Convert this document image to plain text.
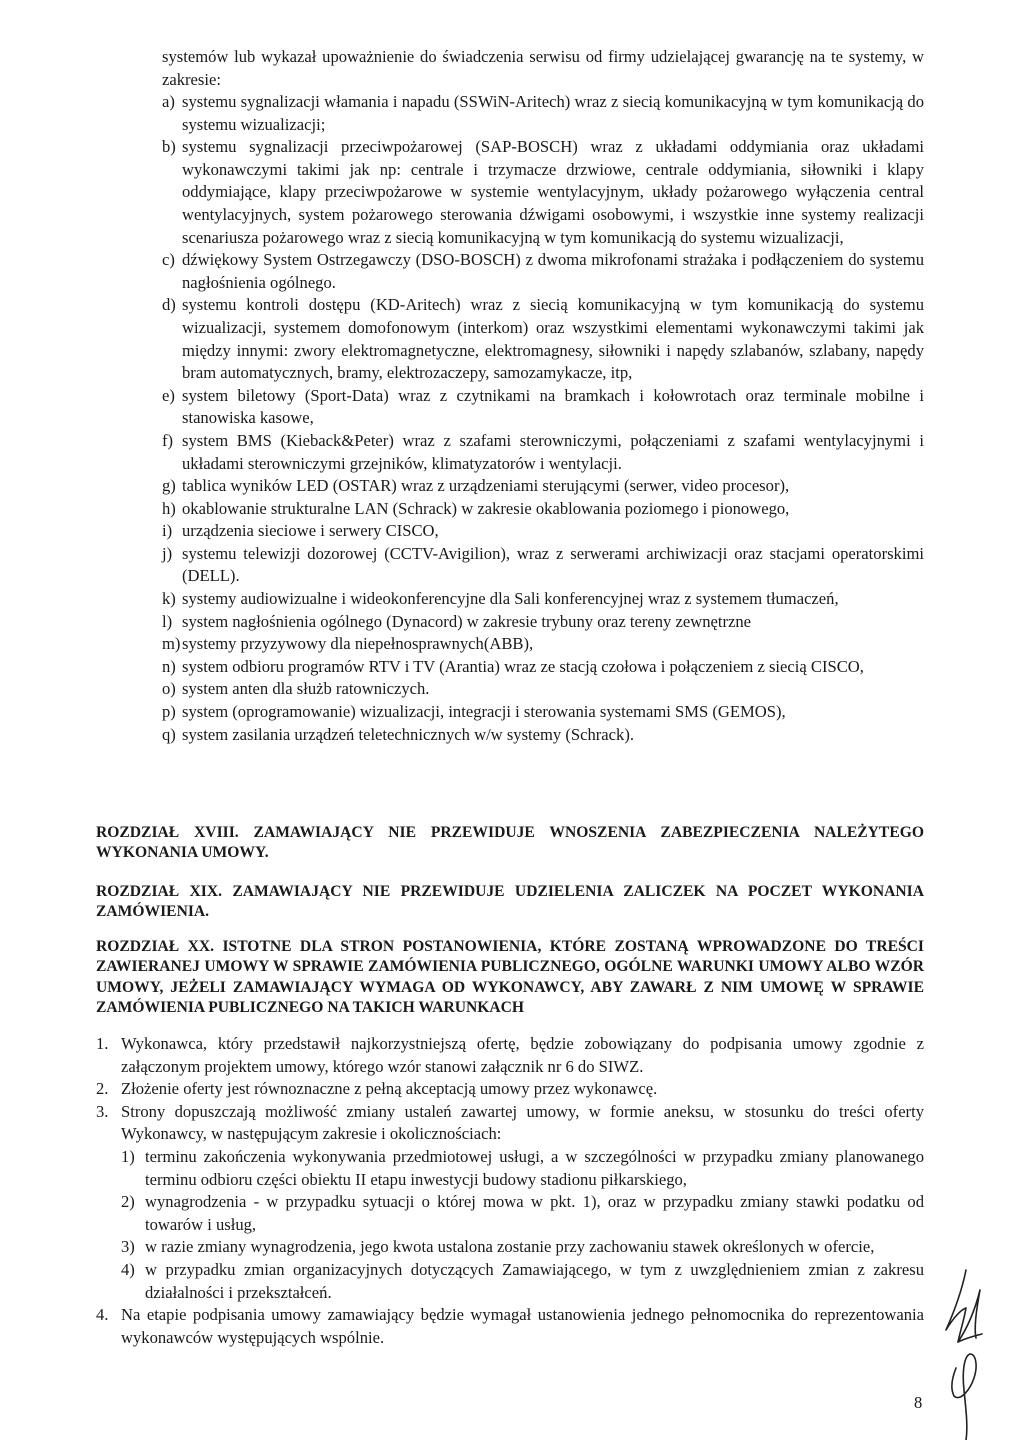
systemów lub wykazał upoważnienie do świadczenia serwisu od firmy udzielającej gwarancję na te systemy, w zakresie:
a) systemu sygnalizacji włamania i napadu (SSWiN-Aritech) wraz z siecią komunikacyjną w tym komunikacją do systemu wizualizacji;
b) systemu sygnalizacji przeciwpożarowej (SAP-BOSCH) wraz z układami oddymiania oraz układami wykonawczymi takimi jak np: centrale i trzymacze drzwiowe, centrale oddymiania, siłowniki i klapy oddymiające, klapy przeciwpożarowe w systemie wentylacyjnym, układy pożarowego wyłączenia central wentylacyjnych, system pożarowego sterowania dźwigami osobowymi, i wszystkie inne systemy realizacji scenariusza pożarowego wraz z siecią komunikacyjną w tym komunikacją do systemu wizualizacji,
c) dźwiękowy System Ostrzegawczy (DSO-BOSCH) z dwoma mikrofonami strażaka i podłączeniem do systemu nagłośnienia ogólnego.
d) systemu kontroli dostępu (KD-Aritech) wraz z siecią komunikacyjną w tym komunikacją do systemu wizualizacji, systemem domofonowym (interkom) oraz wszystkimi elementami wykonawczymi takimi jak między innymi: zwory elektromagnetyczne, elektromagnesy, siłowniki i napędy szlabanów, szlabany, napędy bram automatycznych, bramy, elektrozaczepy, samozamykacze, itp,
e) system biletowy (Sport-Data) wraz z czytnikami na bramkach i kołowrotach oraz terminale mobilne i stanowiska kasowe,
f) system BMS (Kieback&Peter) wraz z szafami sterowniczymi, połączeniami z szafami wentylacyjnymi i układami sterowniczymi grzejników, klimatyzatorów i wentylacji.
g) tablica wyników LED (OSTAR) wraz z urządzeniami sterującymi (serwer, video procesor),
h) okablowanie strukturalne LAN (Schrack) w zakresie okablowania poziomego i pionowego,
i) urządzenia sieciowe i serwery CISCO,
j) systemu telewizji dozorowej (CCTV-Avigilion), wraz z serwerami archiwizacji oraz stacjami operatorskimi (DELL).
k) systemy audiowizualne i wideokonferencyjne dla Sali konferencyjnej wraz z systemem tłumaczeń,
l) system nagłośnienia ogólnego (Dynacord) w zakresie trybuny oraz tereny zewnętrzne
m) systemy przyzywowy dla niepełnosprawnych(ABB),
n) system odbioru programów RTV i TV (Arantia) wraz ze stacją czołowa i połączeniem z siecią CISCO,
o) system anten dla służb ratowniczych.
p) system (oprogramowanie) wizualizacji, integracji i sterowania systemami SMS (GEMOS),
q) system zasilania urządzeń teletechnicznych w/w systemy (Schrack).
ROZDZIAŁ XVIII. ZAMAWIAJĄCY NIE PRZEWIDUJE WNOSZENIA ZABEZPIECZENIA NALEŻYTEGO WYKONANIA UMOWY.
ROZDZIAŁ XIX. ZAMAWIAJĄCY NIE PRZEWIDUJE UDZIELENIA ZALICZEK NA POCZET WYKONANIA ZAMÓWIENIA.
ROZDZIAŁ XX. ISTOTNE DLA STRON POSTANOWIENIA, KTÓRE ZOSTANĄ WPROWADZONE DO TREŚCI ZAWIERANEJ UMOWY W SPRAWIE ZAMÓWIENIA PUBLICZNEGO, OGÓLNE WARUNKI UMOWY ALBO WZÓR UMOWY, JEŻELI ZAMAWIAJĄCY WYMAGA OD WYKONAWCY, ABY ZAWARŁ Z NIM UMOWĘ W SPRAWIE ZAMÓWIENIA PUBLICZNEGO NA TAKICH WARUNKACH
1. Wykonawca, który przedstawił najkorzystniejszą ofertę, będzie zobowiązany do podpisania umowy zgodnie z załączonym projektem umowy, którego wzór stanowi załącznik nr 6 do SIWZ.
2. Złożenie oferty jest równoznaczne z pełną akceptacją umowy przez wykonawcę.
3. Strony dopuszczają możliwość zmiany ustaleń zawartej umowy, w formie aneksu, w stosunku do treści oferty Wykonawcy, w następującym zakresie i okolicznościach:
1) terminu zakończenia wykonywania przedmiotowej usługi, a w szczególności w przypadku zmiany planowanego terminu odbioru części obiektu II etapu inwestycji budowy stadionu piłkarskiego,
2) wynagrodzenia - w przypadku sytuacji o której mowa w pkt. 1), oraz w przypadku zmiany stawki podatku od towarów i usług,
3) w razie zmiany wynagrodzenia, jego kwota ustalona zostanie przy zachowaniu stawek określonych w ofercie,
4) w przypadku zmian organizacyjnych dotyczących Zamawiającego, w tym z uwzględnieniem zmian z zakresu działalności i przekształceń.
4. Na etapie podpisania umowy zamawiający będzie wymagał ustanowienia jednego pełnomocnika do reprezentowania wykonawców występujących wspólnie.
8
